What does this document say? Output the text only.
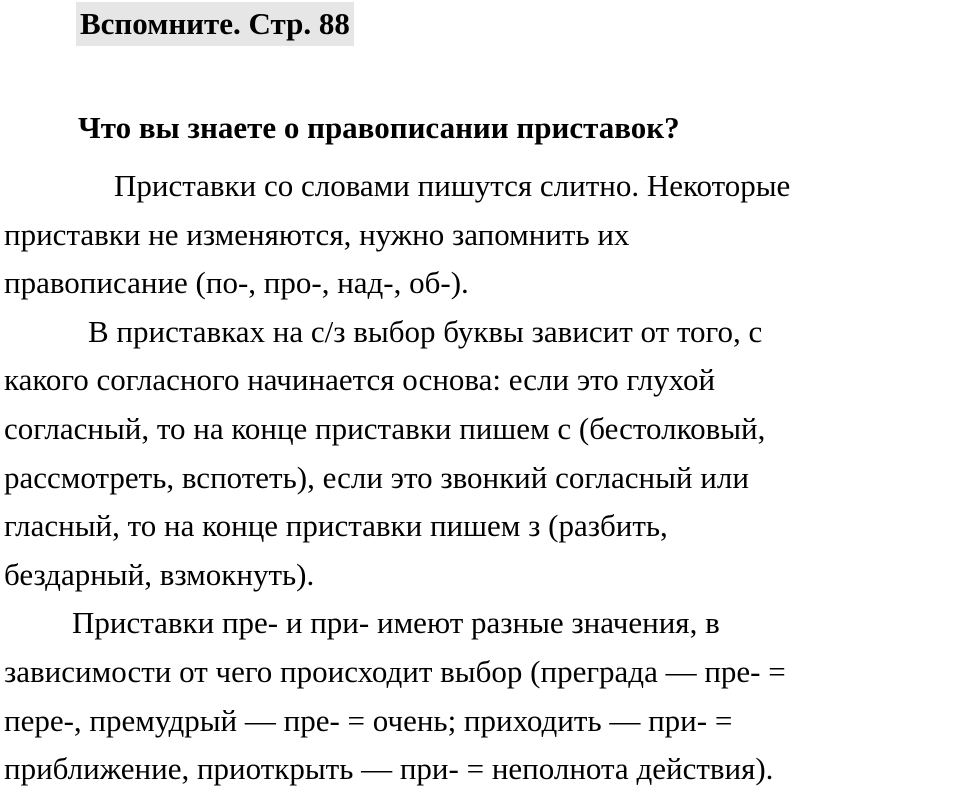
Вспомните. Стр. 88
Что вы знаете о правописании приставок?
Приставки со словами пишутся слитно. Некоторые
приставки не изменяются, нужно запомнить их
правописание (по-, про-, над-, об-).
В приставках на с/з выбор буквы зависит от того, с
какого согласного начинается основа: если это глухой
согласный, то на конце приставки пишем с (бестолковый,
рассмотреть, вспотеть), если это звонкий согласный или
гласный, то на конце приставки пишем з (разбить,
бездарный, взмокнуть).
Приставки пре- и при- имеют разные значения, в
зависимости от чего происходит выбор (преграда — пре- =
пере-, премудрый — пре- = очень; приходить — при- =
приближение, приоткрыть — при- = неполнота действия).
